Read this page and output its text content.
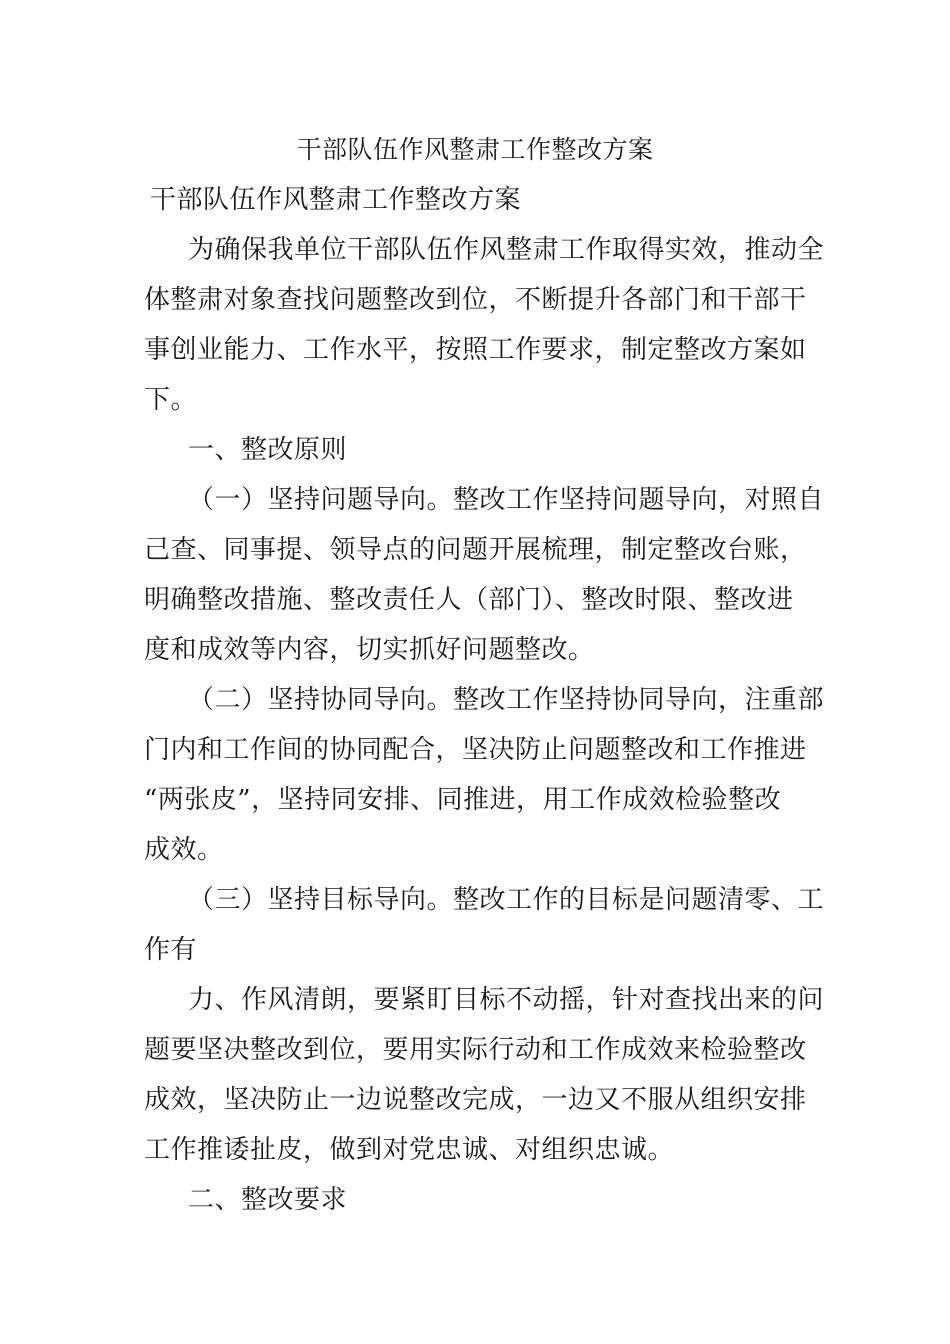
干部队伍作风整肃工作整改方案

干部队伍作风整肃工作整改方案

为确保我单位干部队伍作风整肃工作取得实效，推动全

体整肃对象查找问题整改到位，不断提升各部门和干部干

事创业能力、工作水平，按照工作要求，制定整改方案如

下。

一、整改原则

（一）坚持问题导向。整改工作坚持问题导向，对照自

己查、同事提、领导点的问题开展梳理，制定整改台账，

明确整改措施、整改责任人（部门）、整改时限、整改进

度和成效等内容，切实抓好问题整改。

（二）坚持协同导向。整改工作坚持协同导向，注重部

门内和工作间的协同配合，坚决防止问题整改和工作推进

“两张皮”，坚持同安排、同推进，用工作成效检验整改

成效。

（三）坚持目标导向。整改工作的目标是问题清零、工

作有

力、作风清朗，要紧盯目标不动摇，针对查找出来的问

题要坚决整改到位，要用实际行动和工作成效来检验整改

成效，坚决防止一边说整改完成，一边又不服从组织安排

工作推诿扯皮，做到对党忠诚、对组织忠诚。

二、整改要求
